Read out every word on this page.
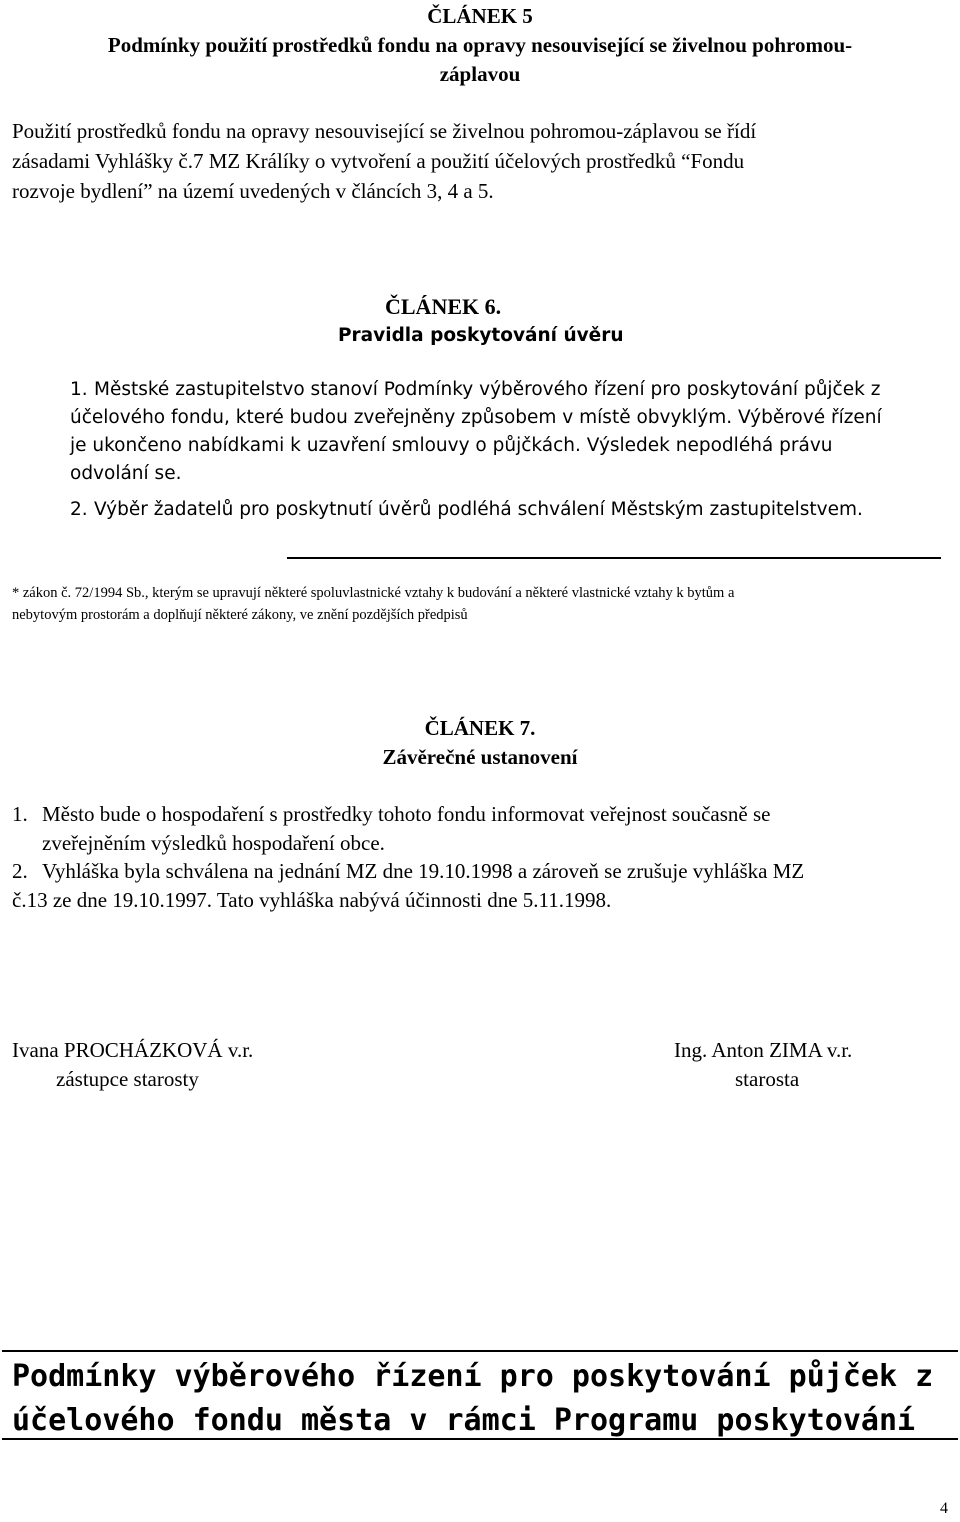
ČLÁNEK 5
Podmínky použití prostředků fondu na opravy nesouvisející se živelnou pohromou-
záplavou
Použití prostředků fondu na opravy nesouvisející se živelnou pohromou-záplavou se řídí
zásadami Vyhlášky č.7 MZ Králíky o vytvoření a použití účelových prostředků “Fondu
rozvoje bydlení” na území uvedených v článcích 3, 4 a 5.
ČLÁNEK 6.
Pravidla poskytování úvěru
1. Městské zastupitelstvo stanoví Podmínky výběrového řízení pro poskytování půjček z
účelového fondu, které budou zveřejněny způsobem v místě obvyklým. Výběrové řízení
je ukončeno nabídkami k uzavření smlouvy o půjčkách. Výsledek nepodléhá právu
odvolání se.
2. Výběr žadatelů pro poskytnutí úvěrů podléhá schválení Městským zastupitelstvem.
* zákon č. 72/1994 Sb., kterým se upravují některé spoluvlastnické vztahy k budování a některé vlastnické vztahy k bytům a
nebytovým prostorám a doplňují některé zákony, ve znění pozdějších předpisů
ČLÁNEK 7.
Závěrečné ustanovení
1. Město bude o hospodaření s prostředky tohoto fondu informovat veřejnost současně se
zveřejněním výsledků hospodaření obce.
2. Vyhláška byla schválena na jednání MZ dne 19.10.1998 a zároveň se zrušuje vyhláška MZ
č.13 ze dne 19.10.1997. Tato vyhláška nabývá účinnosti dne 5.11.1998.
Ivana PROCHÁZKOVÁ v.r.
zástupce starosty
Ing. Anton ZIMA v.r.
starosta
Podmínky výběrového řízení pro poskytování půjček z
účelového fondu města v rámci Programu poskytování
4
